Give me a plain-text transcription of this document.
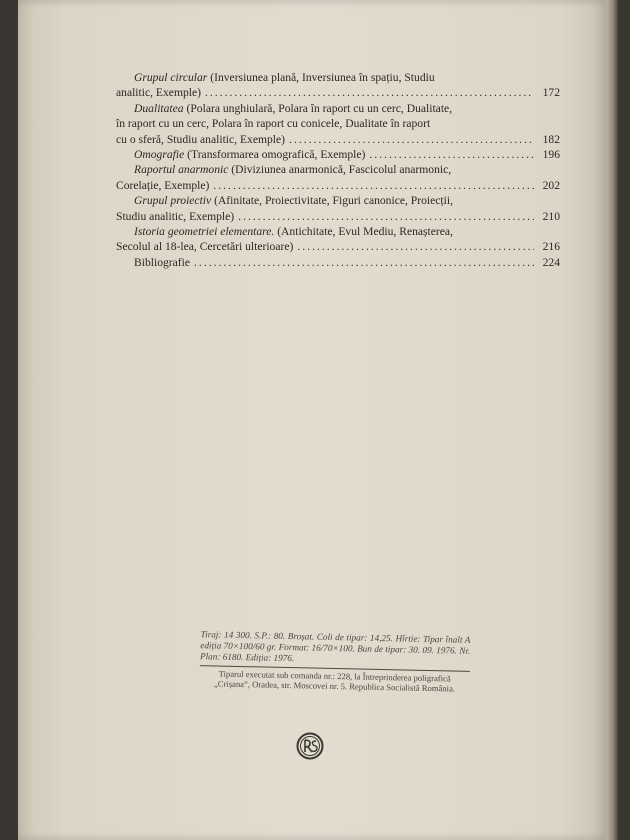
Grupul circular (Inversiunea plană, Inversiunea în spațiu, Studiu
analitic, Exemple) .....	172
Dualitatea (Polara unghiulară, Polara în raport cu un cerc, Dualitate,
în raport cu un cerc, Polara în raport cu conicele, Dualitate în raport
cu o sferă, Studiu analitic, Exemple) .....	182
Omografie (Transformarea omografică, Exemple) .....	196
Raportul anarmonic (Diviziunea anarmonică, Fascicolul anarmonic,
Corelație, Exemple) .....	202
Grupul proiectiv (Afinitate, Proiectivitate, Figuri canonice, Proiecții,
Studiu analitic, Exemple) .....	210
Istoria geometriei elementare. (Antichitate, Evul Mediu, Renașterea,
Secolul al 18-lea, Cercetări ulterioare) .....	216
Bibliografie .....	224
Tiraj: 14 300. S.P.: 80. Broșat. Coli de tipar: 14,25. Hîrtie: Tipar înalt A ediția 70×100/60 gr. Format: 16/70×100. Bun de tipar: 30. 09. 1976. Nr. Plan: 6180. Ediția: 1976.
Tiparul executat sub comanda nr.: 228, la Întreprinderea poligrafică „Crișana”, Oradea, str. Moscovei nr. 5. Republica Socialistă România.
